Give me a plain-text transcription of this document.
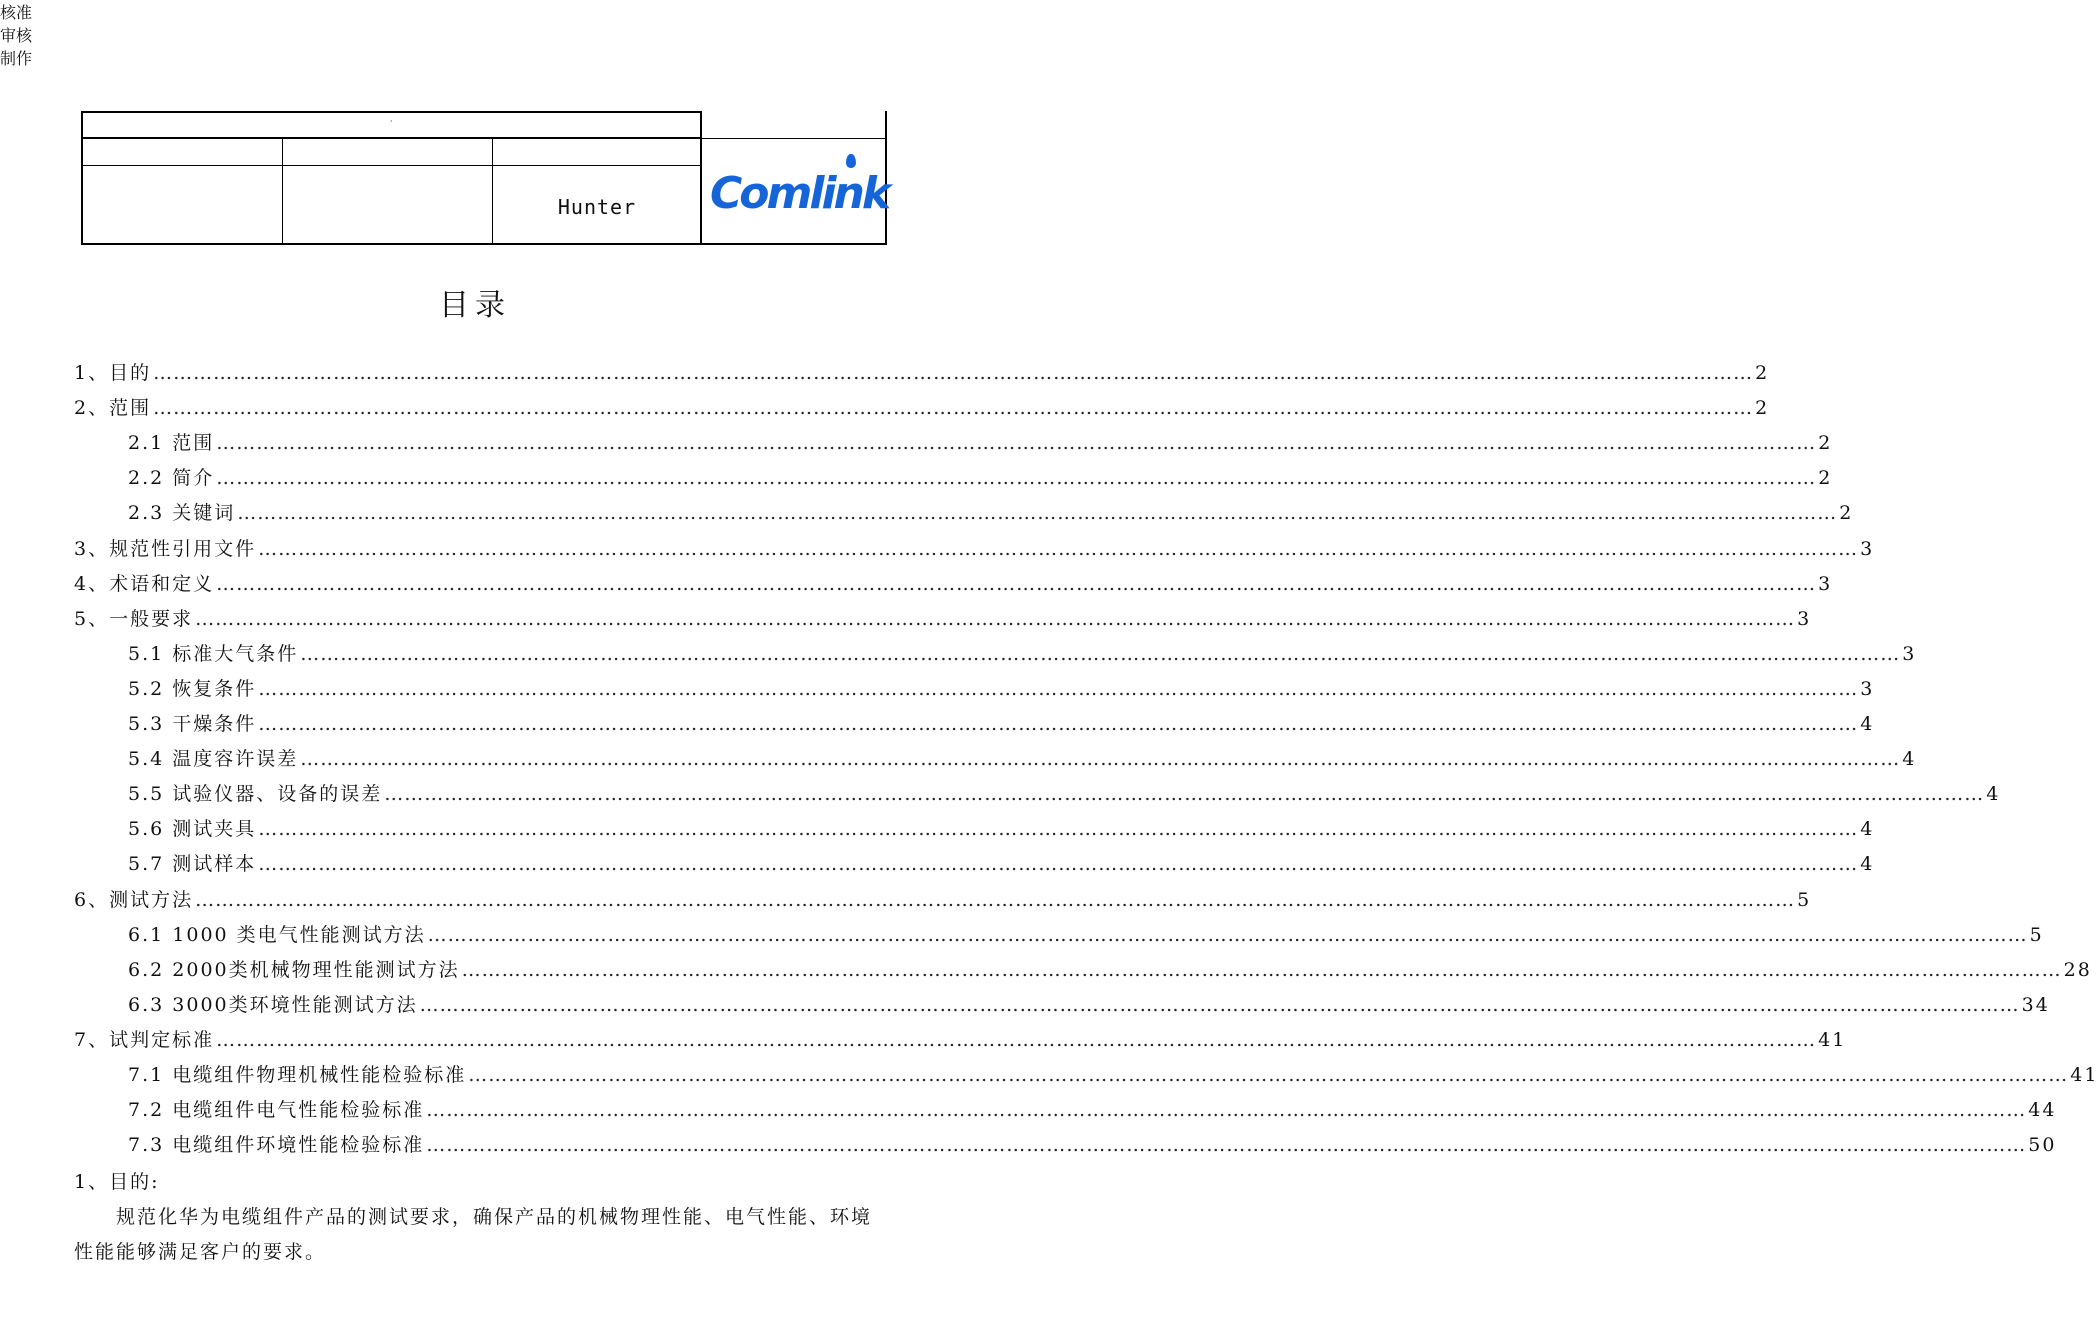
·
核准
审核
制作
Hunter	Comlink
目录
1、 目的 …………………………………………………………………………………………………………………………………………………………………………………………………………………… 2
2、 范围 …………………………………………………………………………………………………………………………………………………………………………………………………………………… 2
2.1 范围 …………………………………………………………………………………………………………………………………………………………………………………………………………………… 2
2.2 简介 …………………………………………………………………………………………………………………………………………………………………………………………………………………… 2
2.3 关键词 …………………………………………………………………………………………………………………………………………………………………………………………………………………… 2
3、 规范性引用文件 …………………………………………………………………………………………………………………………………………………………………………………………………………………… 3
4、 术语和定义 …………………………………………………………………………………………………………………………………………………………………………………………………………………… 3
5、 一般要求 …………………………………………………………………………………………………………………………………………………………………………………………………………………… 3
5.1 标准大气条件 …………………………………………………………………………………………………………………………………………………………………………………………………………………… 3
5.2 恢复条件 …………………………………………………………………………………………………………………………………………………………………………………………………………………… 3
5.3 干燥条件 …………………………………………………………………………………………………………………………………………………………………………………………………………………… 4
5.4 温度容许误差 …………………………………………………………………………………………………………………………………………………………………………………………………………………… 4
5.5 试验仪器、设备的误差 …………………………………………………………………………………………………………………………………………………………………………………………………………………… 4
5.6 测试夹具 …………………………………………………………………………………………………………………………………………………………………………………………………………………… 4
5.7 测试样本 …………………………………………………………………………………………………………………………………………………………………………………………………………………… 4
6、 测试方法 …………………………………………………………………………………………………………………………………………………………………………………………………………………… 5
6.1 1000 类电气性能测试方法 …………………………………………………………………………………………………………………………………………………………………………………………………………………… 5
6.2 2000类机械物理性能测试方法 …………………………………………………………………………………………………………………………………………………………………………………………………………………… 28
6.3 3000类环境性能测试方法 …………………………………………………………………………………………………………………………………………………………………………………………………………………… 34
7、 试判定标准 …………………………………………………………………………………………………………………………………………………………………………………………………………………… 41
7.1 电缆组件物理机械性能检验标准 …………………………………………………………………………………………………………………………………………………………………………………………………………………… 41
7.2 电缆组件电气性能检验标准 …………………………………………………………………………………………………………………………………………………………………………………………………………………… 44
7.3 电缆组件环境性能检验标准 …………………………………………………………………………………………………………………………………………………………………………………………………………………… 50
1、目的:
规范化华为电缆组件产品的测试要求，确保产品的机械物理性能、电气性能、环境性能能够满足客户的要求。
